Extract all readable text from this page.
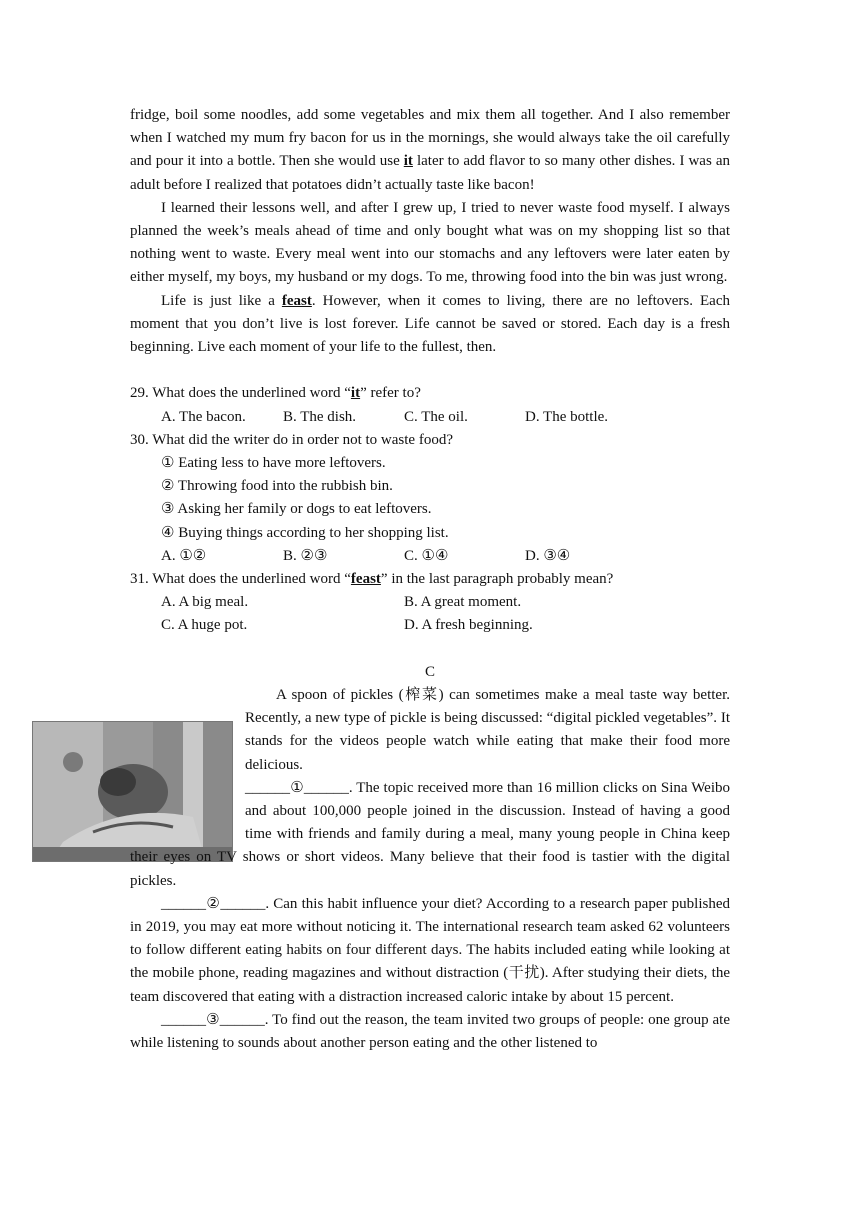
fridge, boil some noodles, add some vegetables and mix them all together. And I also remember when I watched my mum fry bacon for us in the mornings, she would always take the oil carefully and pour it into a bottle. Then she would use it later to add flavor to so many other dishes. I was an adult before I realized that potatoes didn’t actually taste like bacon!

I learned their lessons well, and after I grew up, I tried to never waste food myself. I always planned the week’s meals ahead of time and only bought what was on my shopping list so that nothing went to waste. Every meal went into our stomachs and any leftovers were later eaten by either myself, my boys, my husband or my dogs. To me, throwing food into the bin was just wrong.

Life is just like a feast. However, when it comes to living, there are no leftovers. Each moment that you don’t live is lost forever. Life cannot be saved or stored. Each day is a fresh beginning. Live each moment of your life to the fullest, then.

29. What does the underlined word “it” refer to?

A. The bacon.	B. The dish.	C. The oil.	D. The bottle.

30. What did the writer do in order not to waste food?

① Eating less to have more leftovers.

② Throwing food into the rubbish bin.

③ Asking her family or dogs to eat leftovers.

④ Buying things according to her shopping list.

A. ①②	B. ②③	C. ①④	D. ③④

31. What does the underlined word “feast” in the last paragraph probably mean?

A. A big meal.	B. A great moment.
C. A huge pot.	D. A fresh beginning.

C

A spoon of pickles (榨菜) can sometimes make a meal taste way better. Recently, a new type of pickle is being discussed: “digital pickled vegetables”. It stands for the videos people watch while eating that make their food more delicious.

______①______. The topic received more than 16 million clicks on Sina Weibo and about 100,000 people joined in the discussion. Instead of having a good time with friends and family during a meal, many young people in China keep their eyes on TV shows or short videos. Many believe that their food is tastier with the digital pickles.

______②______. Can this habit influence your diet? According to a research paper published in 2019, you may eat more without noticing it. The international research team asked 62 volunteers to follow different eating habits on four different days. The habits included eating while looking at the mobile phone, reading magazines and without distraction (干扰). After studying their diets, the team discovered that eating with a distraction increased caloric intake by about 15 percent.

______③______. To find out the reason, the team invited two groups of people: one group ate while listening to sounds about another person eating and the other listened to
